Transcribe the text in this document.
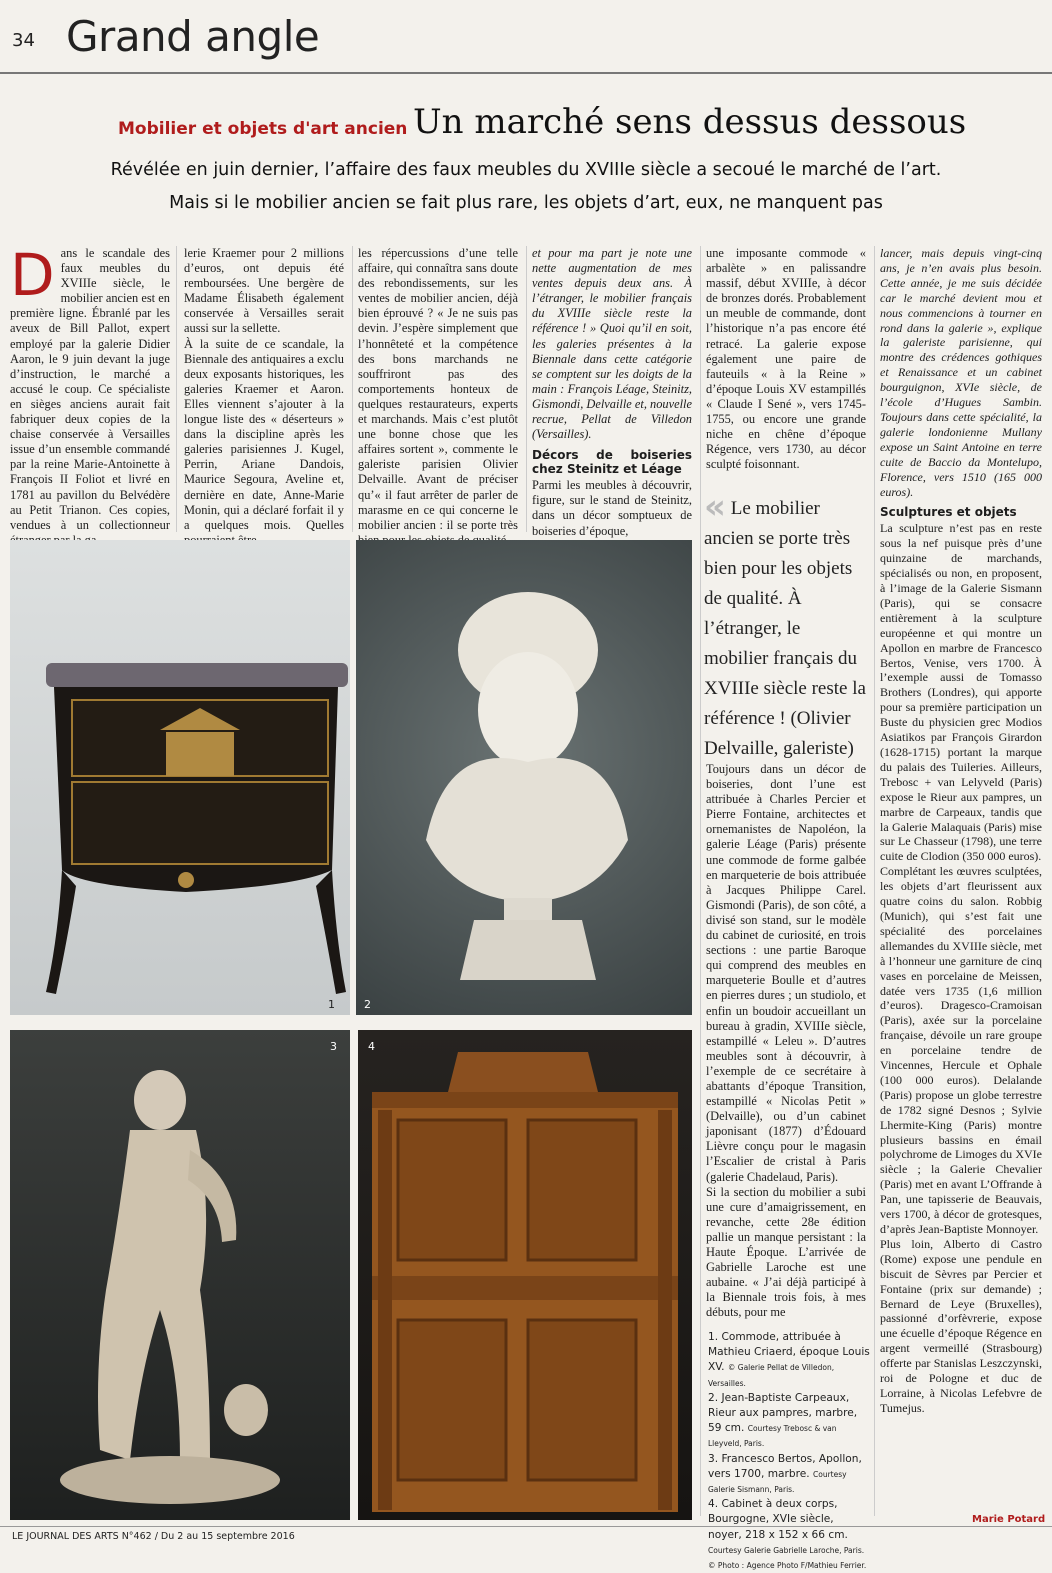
34 Grand angle
Mobilier et objets d'art ancien Un marché sens dessus dessous
Révélée en juin dernier, l’affaire des faux meubles du XVIIIe siècle a secoué le marché de l’art.
Mais si le mobilier ancien se fait plus rare, les objets d’art, eux, ne manquent pas
D ans le scandale des faux meubles du XVIIIe siècle, le mobilier ancien est en première ligne. Ébranlé par les aveux de Bill Pallot, expert employé par la galerie Didier Aaron, le 9 juin devant la juge d’instruction, le marché a accusé le coup. Ce spécialiste en sièges anciens aurait fait fabriquer deux copies de la chaise conservée à Versailles issue d’un ensemble commandé par la reine Marie-Antoinette à François II Foliot et livré en 1781 au pavillon du Belvédère au Petit Trianon. Ces copies, vendues à un collectionneur

lerie Kraemer pour 2 millions d’euros, ont depuis été remboursées. Une bergère de Madame Élisabeth également conservée à Versailles serait aussi sur la sellette.

À la suite de ce scandale, la Biennale des antiquaires a exclu deux exposants historiques, les galeries Kraemer et Aaron. Elles viennent s’ajouter à la longue liste des « déserteurs » dans la discipline après les galeries parisiennes J. Kugel, Perrin, Ariane Dandois, Maurice Segoura, Aveline et, dernière en date, Anne-Marie Monin, qui a déclaré forfait il y a quelques mois. Quelles

les répercussions d’une telle affaire, qui connaîtra sans doute des rebondissements, sur les ventes de mobilier ancien, déjà bien éprouvé ? « Je ne suis pas devin. J’espère simplement que l’honnêteté et la compétence des bons marchands ne souffriront pas des comportements honteux de quelques restaurateurs, experts et marchands. Mais c’est plutôt une bonne chose que les affaires sortent », commente le galeriste parisien Olivier Delvaille. Avant de préciser qu’« il faut arrêter de parler de marasme en ce qui concerne le mobilier ancien : il se porte très

et pour ma part je note une nette augmentation de mes ventes depuis deux ans. À l’étranger, le mobilier français du XVIIIe siècle reste la référence ! » Quoi qu’il en soit, les galeries présentes à la Biennale dans cette catégorie se comptent sur les doigts de la main : François Léage, Steinitz, Gismondi, Delvaille et, nouvelle recrue, Pellat de Villedon (Versailles).

Décors de boiseries chez Steinitz et Léage

Parmi les meubles à découvrir, figure, sur le stand de Steinitz, dans un décor somptueux de boiseries d’époque,

une imposante commode « arbalète » en palissandre massif, début XVIIIe, à décor de bronzes dorés. Probablement un meuble de commande, dont l’historique n’a pas encore été retracé. La galerie expose également une paire de fauteuils « à la Reine » d’époque Louis XV estampillés « Claude I Sené », vers 1745-1755, ou encore une grande niche en chêne d’époque Régence, vers 1730, au décor sculpté foisonnant.

« Le mobilier ancien se porte très bien pour les objets de qualité. À l’étranger, le mobilier français du XVIIIe siècle reste la référence ! (Olivier Delvaille, galeriste)

Toujours dans un décor de boiseries, dont l’une est attribuée à Charles Percier et Pierre Fontaine, architectes et ornemanistes de Napoléon, la galerie Léage (Paris) présente une commode de forme galbée en marqueterie de bois attribuée à Jacques Philippe Carel. Gismondi (Paris), de son côté, a divisé son stand, sur le modèle du cabinet de curiosité, en trois sections : une partie Baroque qui comprend des meubles en marqueterie Boulle et d’autres en pierres dures ; un studiolo, et enfin un boudoir accueillant un bureau à gradin, XVIIIe siècle, estampillé « Leleu ». D’autres meubles sont à découvrir, à l’exemple de ce secrétaire à abattants d’époque Transition, estampillé « Nicolas Petit » (Delvaille), ou d’un cabinet japonisant (1877) d’Édouard Lièvre conçu pour le magasin l’Escalier de cristal à Paris (galerie Chadelaud, Paris).

Si la section du mobilier a subi une cure d’amaigrissement, en revanche, cette 28e édition pallie un manque persistant : la Haute Époque. L’arrivée de Gabrielle Laroche est une aubaine. « J’ai déjà participé à la Biennale trois fois, à mes débuts, pour me

lancer, mais depuis vingt-cinq ans, je n’en avais plus besoin. Cette année, je me suis décidée car le marché devient mou et nous commencions à tourner en rond dans la galerie », explique la galeriste parisienne, qui montre des crédences gothiques et Renaissance et un cabinet bourguignon, XVIe siècle, de l’école d’Hugues Sambin. Toujours dans cette spécialité, la galerie londonienne Mullany expose un Saint Antoine en terre cuite de Baccio da Montelupo, Florence, vers 1510 (165 000 euros).

Sculptures et objets

La sculpture n’est pas en reste sous la nef puisque près d’une quinzaine de marchands, spécialisés ou non, en proposent, à l’image de la Galerie Sismann (Paris), qui se consacre entièrement à la sculpture européenne et qui montre un Apollon en marbre de Francesco Bertos, Venise, vers 1700. À l’exemple aussi de Tomasso Brothers (Londres), qui apporte pour sa première participation un Buste du physicien grec Modios Asiatikos par François Girardon (1628-1715) portant la marque du palais des Tuileries. Ailleurs, Trebosc + van Lelyveld (Paris) expose le Rieur aux pampres, un marbre de Carpeaux, tandis que la Galerie Malaquais (Paris) mise sur Le Chasseur (1798), une terre cuite de Clodion (350 000 euros).

Complétant les œuvres sculptées, les objets d’art fleurissent aux quatre coins du salon. Robbig (Munich), qui s’est fait une spécialité des porcelaines allemandes du XVIIIe siècle, met à l’honneur une garniture de cinq vases en porcelaine de Meissen, datée vers 1735 (1,6 million d’euros). Dragesco-Cramoisan (Paris), axée sur la porcelaine française, dévoile un rare groupe en porcelaine tendre de Vincennes, Hercule et Ophale (100 000 euros). Delalande (Paris) propose un globe terrestre de 1782 signé Desnos ; Sylvie Lhermite-King (Paris) montre plusieurs bassins en émail polychrome de Limoges du XVIe siècle ; la Galerie Chevalier (Paris) met en avant L’Offrande à Pan, une tapisserie de Beauvais, vers 1700, à décor de grotesques, d’après Jean-Baptiste Monnoyer.

Plus loin, Alberto di Castro (Rome) expose une pendule en biscuit de Sèvres par Percier et Fontaine (prix sur demande) ; Bernard de Leye (Bruxelles), passionné d’orfèvrerie, expose une écuelle d’époque Régence en argent vermeillé (Strasbourg) offerte par Stanislas Leszczynski, roi de Pologne et duc de Lorraine, à Nicolas Lefebvre de Tumejus.

1	2
3	4
1. Commode, attribuée à Mathieu Criaerd, époque Louis XV. © Galerie Pellat de Villedon, Versailles.
2. Jean-Baptiste Carpeaux, Rieur aux pampres, marbre, 59 cm. Courtesy Trebosc & van Lleyveld, Paris.
3. Francesco Bertos, Apollon, vers 1700, marbre. Courtesy Galerie Sismann, Paris.
4. Cabinet à deux corps, Bourgogne, XVIe siècle, noyer, 218 x 152 x 66 cm. Courtesy Galerie Gabrielle Laroche, Paris. © Photo : Agence Photo F/Mathieu Ferrier.
Marie Potard
LE JOURNAL DES ARTS N°462 / Du 2 au 15 septembre 2016
